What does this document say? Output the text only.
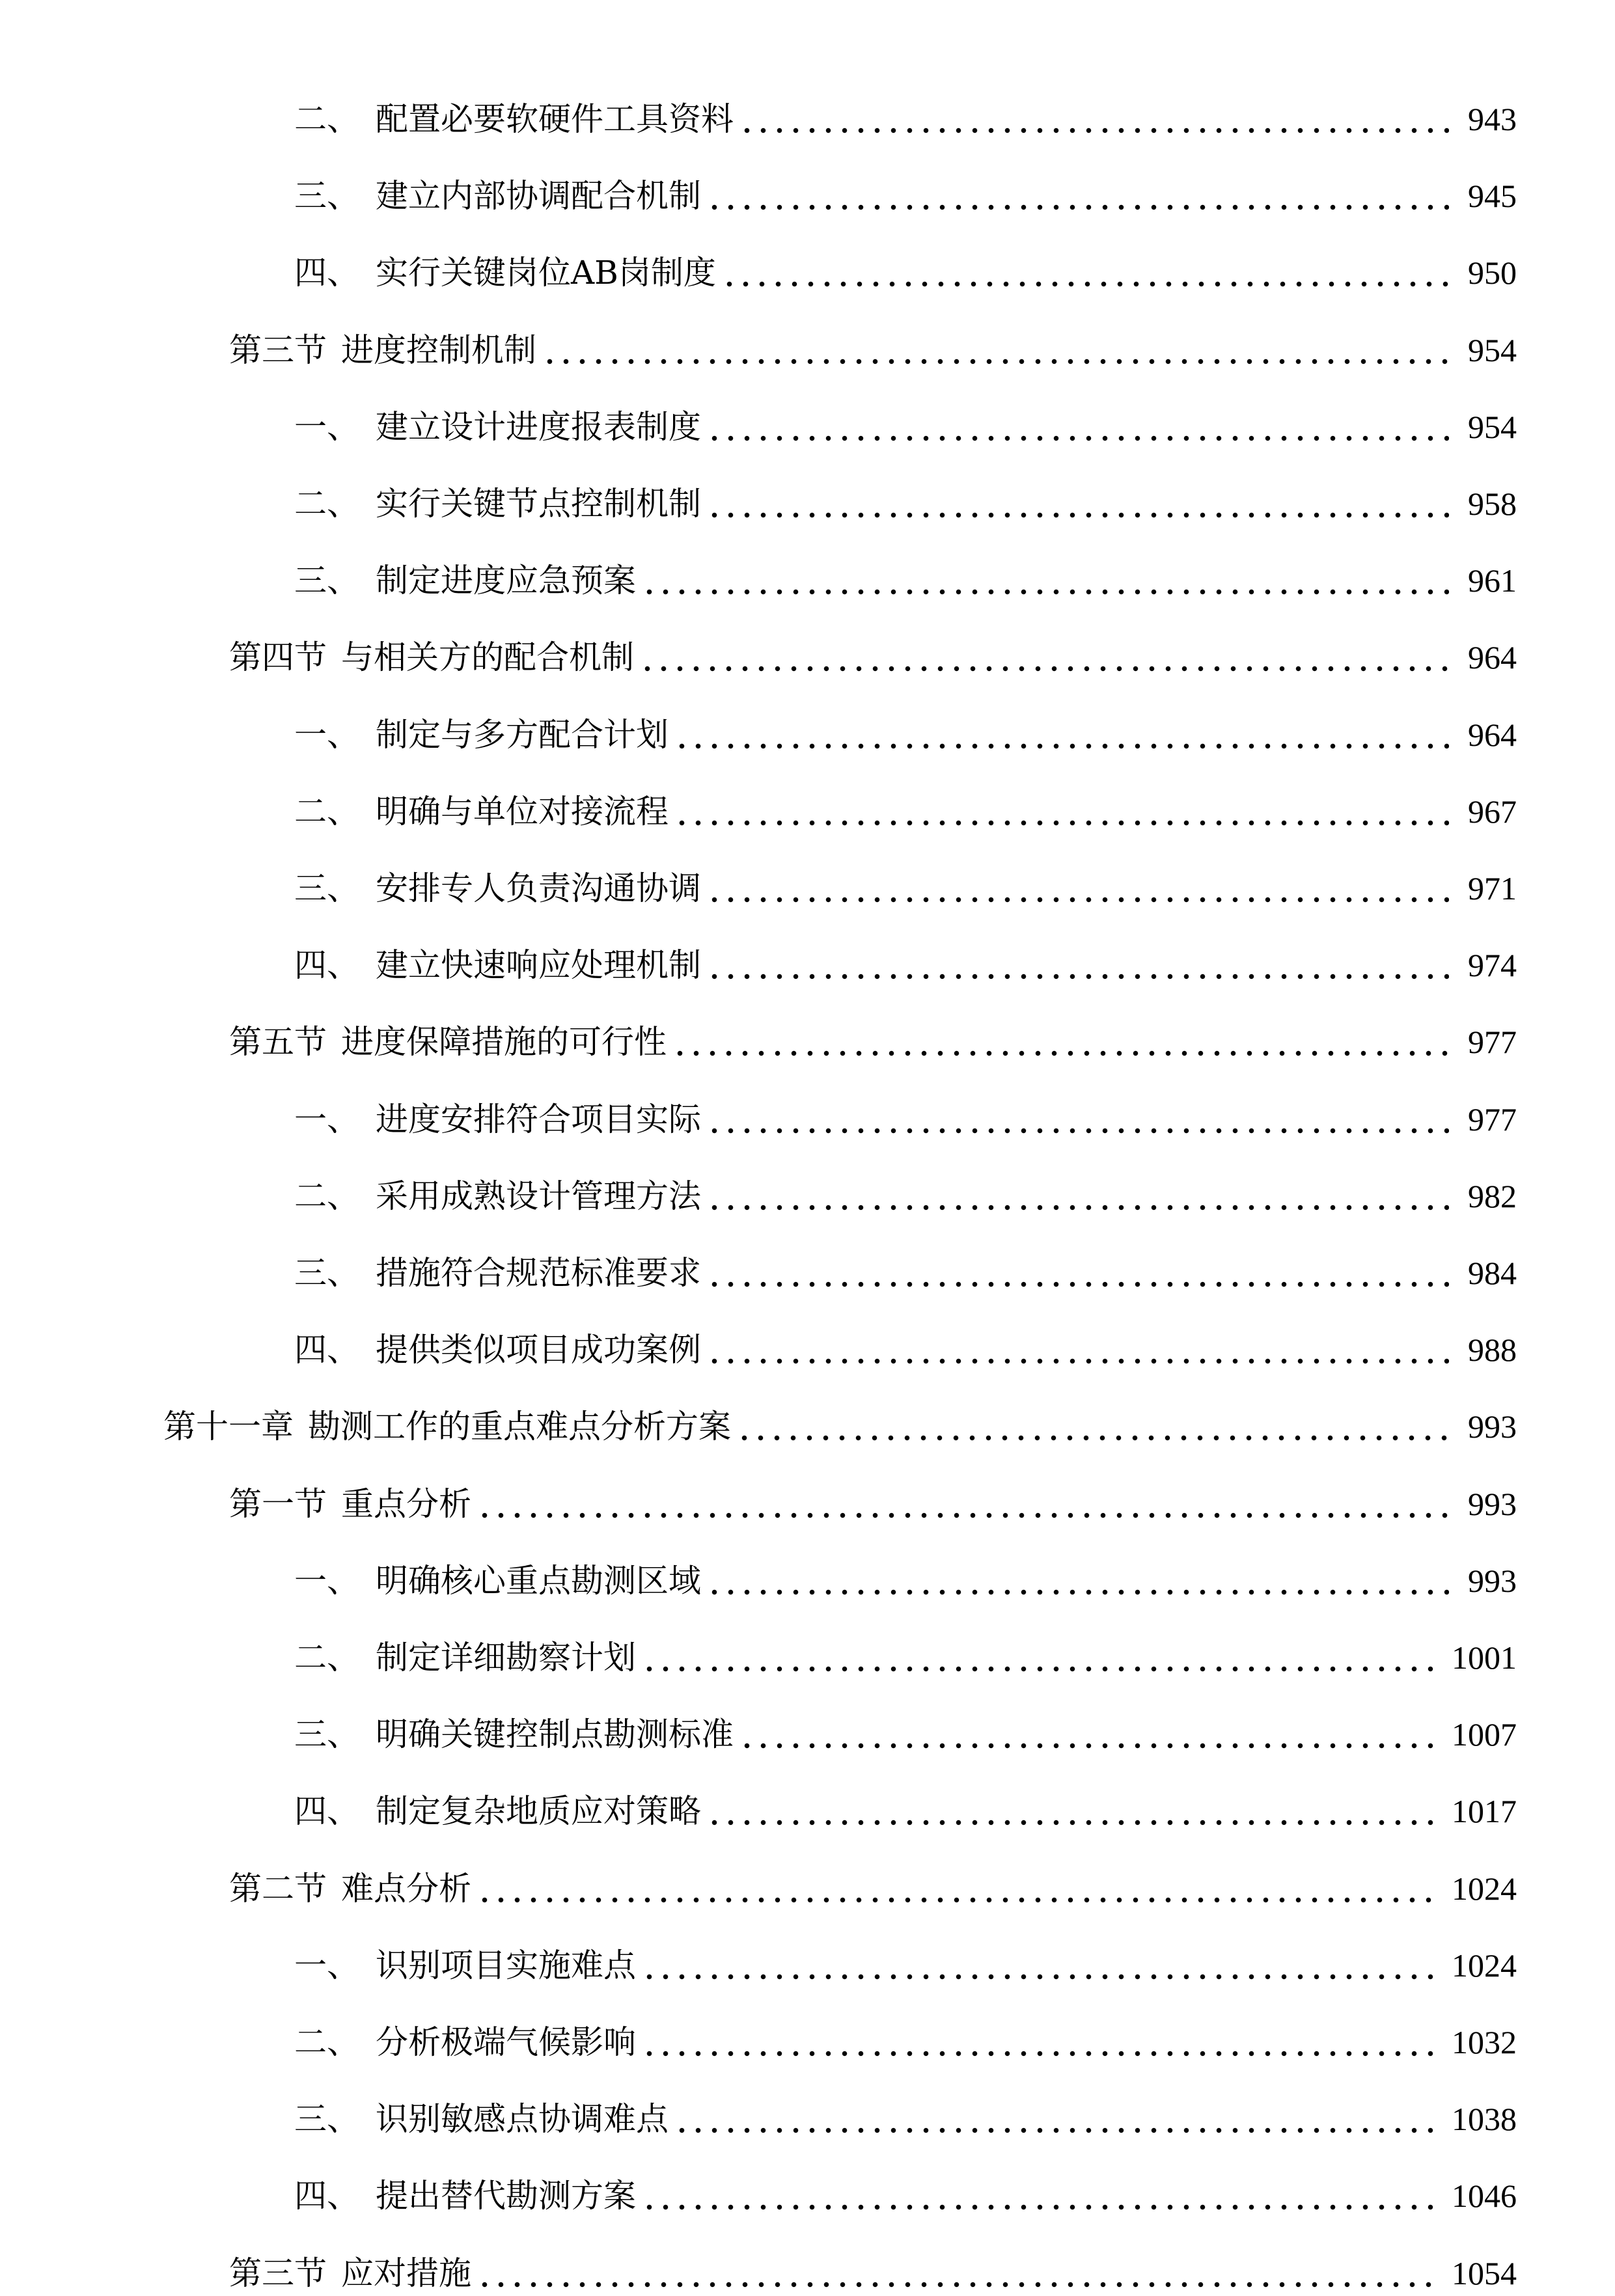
二、 配置必要软硬件工具资料	943
三、 建立内部协调配合机制	945
四、 实行关键岗位AB岗制度	950
第三节 进度控制机制	954
一、 建立设计进度报表制度	954
二、 实行关键节点控制机制	958
三、 制定进度应急预案	961
第四节 与相关方的配合机制	964
一、 制定与多方配合计划	964
二、 明确与单位对接流程	967
三、 安排专人负责沟通协调	971
四、 建立快速响应处理机制	974
第五节 进度保障措施的可行性	977
一、 进度安排符合项目实际	977
二、 采用成熟设计管理方法	982
三、 措施符合规范标准要求	984
四、 提供类似项目成功案例	988
第十一章 勘测工作的重点难点分析方案	993
第一节 重点分析	993
一、 明确核心重点勘测区域	993
二、 制定详细勘察计划	1001
三、 明确关键控制点勘测标准	1007
四、 制定复杂地质应对策略	1017
第二节 难点分析	1024
一、 识别项目实施难点	1024
二、 分析极端气候影响	1032
三、 识别敏感点协调难点	1038
四、 提出替代勘测方案	1046
第三节 应对措施	1054
